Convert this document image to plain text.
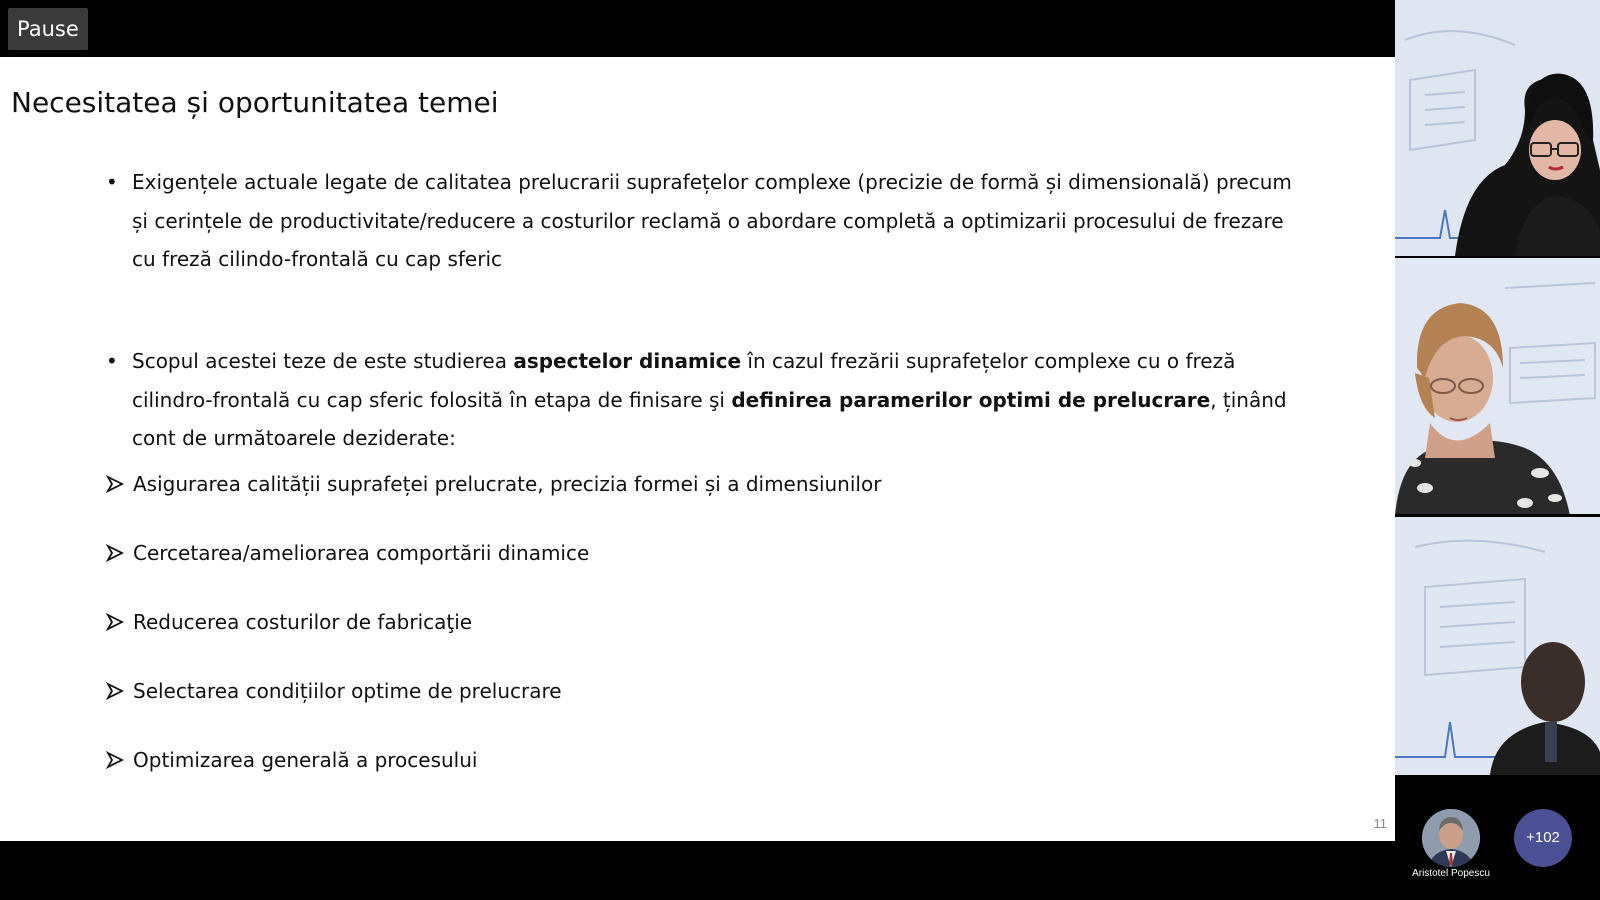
Pause
Necesitatea și oportunitatea temei
• Exigențele actuale legate de calitatea prelucrarii suprafețelor complexe (precizie de formă și dimensională) precum și cerințele de productivitate/reducere a costurilor reclamă o abordare completă a optimizarii procesului de frezare cu freză cilindo-frontală cu cap sferic

• Scopul acestei teze de este studierea aspectelor dinamice în cazul frezării suprafețelor complexe cu o freză cilindro-frontală cu cap sferic folosită în etapa de finisare şi definirea paramerilor optimi de prelucrare, ținând cont de următoarele deziderate:

Asigurarea calității suprafeței prelucrate, precizia formei și a dimensiunilor
Cercetarea/ameliorarea comportării dinamice
Reducerea costurilor de fabricaţie
Selectarea condițiilor optime de prelucrare
Optimizarea generală a procesului
11
Aristotel Popescu
+102
